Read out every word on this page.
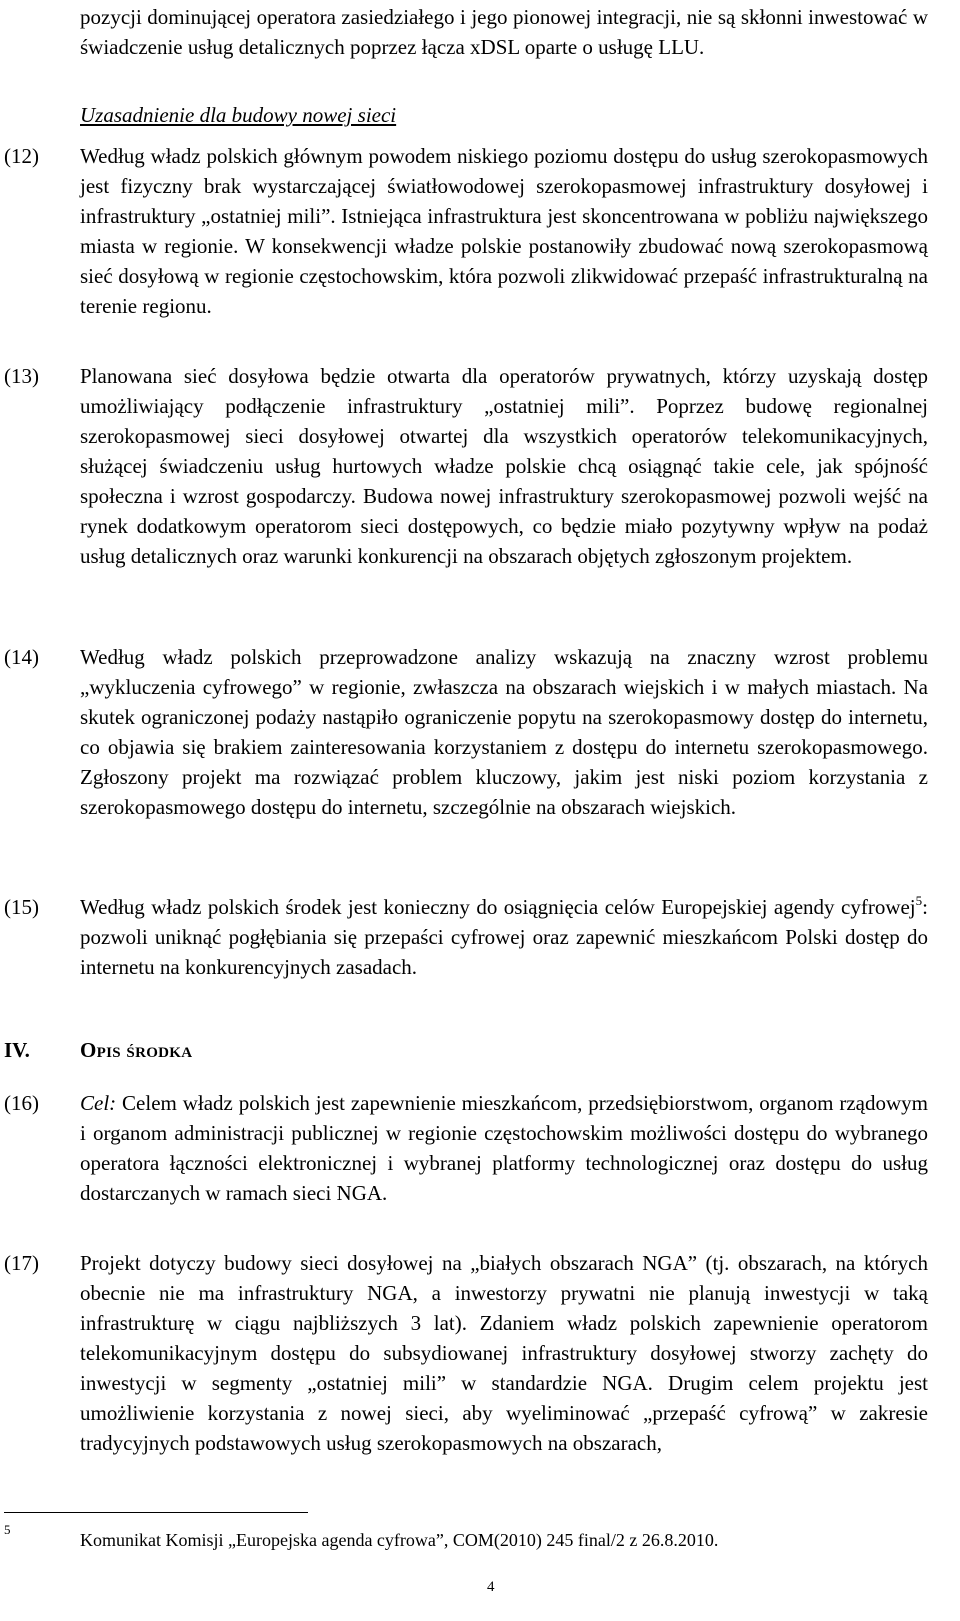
pozycji dominującej operatora zasiedziałego i jego pionowej integracji, nie są skłonni inwestować w świadczenie usług detalicznych poprzez łącza xDSL oparte o usługę LLU.
Uzasadnienie dla budowy nowej sieci
(12) Według władz polskich głównym powodem niskiego poziomu dostępu do usług szerokopasmowych jest fizyczny brak wystarczającej światłowodowej szerokopasmowej infrastruktury dosyłowej i infrastruktury „ostatniej mili”. Istniejąca infrastruktura jest skoncentrowana w pobliżu największego miasta w regionie. W konsekwencji władze polskie postanowiły zbudować nową szerokopasmową sieć dosyłową w regionie częstochowskim, która pozwoli zlikwidować przepaść infrastrukturalną na terenie regionu.
(13) Planowana sieć dosyłowa będzie otwarta dla operatorów prywatnych, którzy uzyskają dostęp umożliwiający podłączenie infrastruktury „ostatniej mili”. Poprzez budowę regionalnej szerokopasmowej sieci dosyłowej otwartej dla wszystkich operatorów telekomunikacyjnych, służącej świadczeniu usług hurtowych władze polskie chcą osiągnąć takie cele, jak spójność społeczna i wzrost gospodarczy. Budowa nowej infrastruktury szerokopasmowej pozwoli wejść na rynek dodatkowym operatorom sieci dostępowych, co będzie miało pozytywny wpływ na podaż usług detalicznych oraz warunki konkurencji na obszarach objętych zgłoszonym projektem.
(14) Według władz polskich przeprowadzone analizy wskazują na znaczny wzrost problemu „wykluczenia cyfrowego” w regionie, zwłaszcza na obszarach wiejskich i w małych miastach. Na skutek ograniczonej podaży nastąpiło ograniczenie popytu na szerokopasmowy dostęp do internetu, co objawia się brakiem zainteresowania korzystaniem z dostępu do internetu szerokopasmowego. Zgłoszony projekt ma rozwiązać problem kluczowy, jakim jest niski poziom korzystania z szerokopasmowego dostępu do internetu, szczególnie na obszarach wiejskich.
(15) Według władz polskich środek jest konieczny do osiągnięcia celów Europejskiej agendy cyfrowej$^5$: pozwoli uniknąć pogłębiania się przepaści cyfrowej oraz zapewnić mieszkańcom Polski dostęp do internetu na konkurencyjnych zasadach.
IV. Opis środka
(16) Cel: Celem władz polskich jest zapewnienie mieszkańcom, przedsiębiorstwom, organom rządowym i organom administracji publicznej w regionie częstochowskim możliwości dostępu do wybranego operatora łączności elektronicznej i wybranej platformy technologicznej oraz dostępu do usług dostarczanych w ramach sieci NGA.
(17) Projekt dotyczy budowy sieci dosyłowej na „białych obszarach NGA” (tj. obszarach, na których obecnie nie ma infrastruktury NGA, a inwestorzy prywatni nie planują inwestycji w taką infrastrukturę w ciągu najbliższych 3 lat). Zdaniem władz polskich zapewnienie operatorom telekomunikacyjnym dostępu do subsydiowanej infrastruktury dosyłowej stworzy zachęty do inwestycji w segmenty „ostatniej mili” w standardzie NGA. Drugim celem projektu jest umożliwienie korzystania z nowej sieci, aby wyeliminować „przepaść cyfrową” w zakresie tradycyjnych podstawowych usług szerokopasmowych na obszarach,
5
Komunikat Komisji „Europejska agenda cyfrowa”, COM(2010) 245 final/2 z 26.8.2010.
4
